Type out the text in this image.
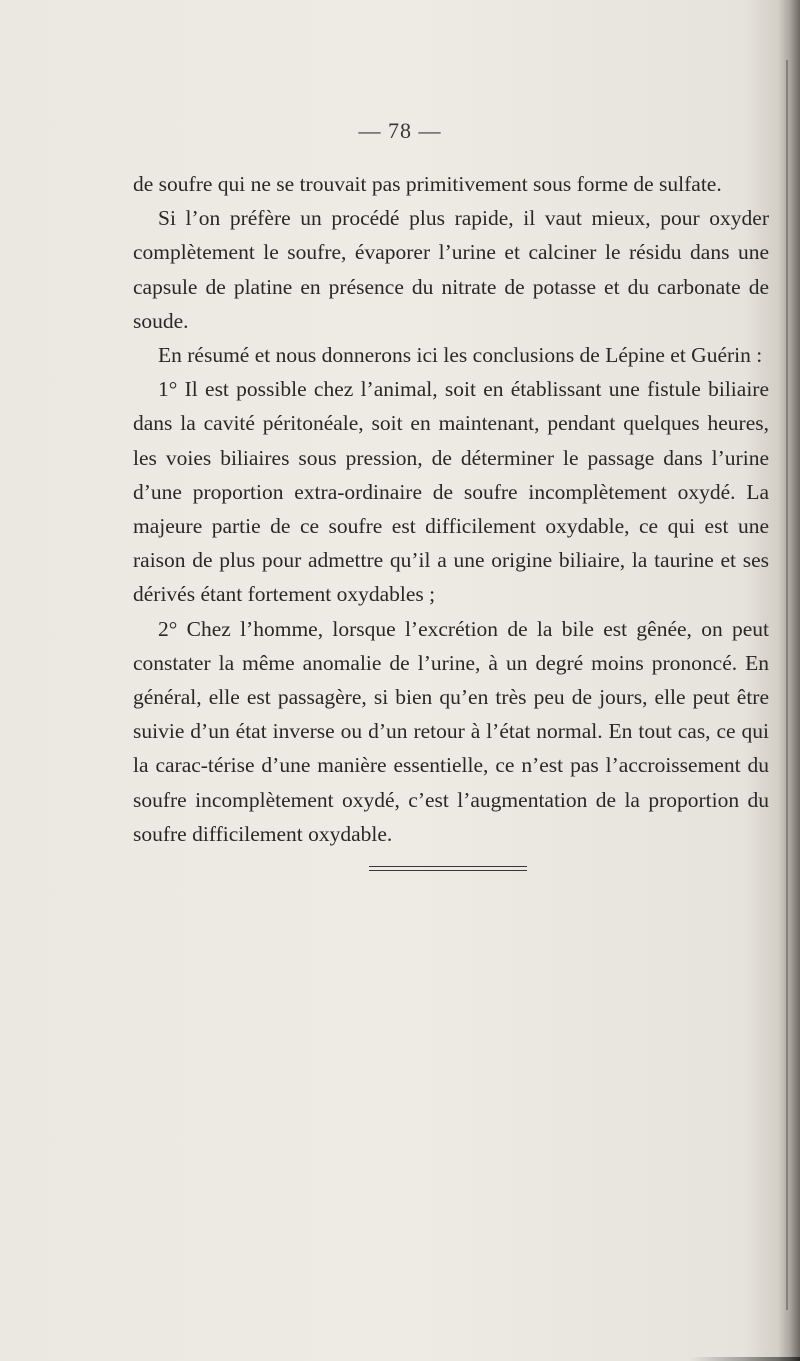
— 78 —

de soufre qui ne se trouvait pas primitivement sous forme de sulfate.

Si l’on préfère un procédé plus rapide, il vaut mieux, pour oxyder complètement le soufre, évaporer l’urine et calciner le résidu dans une capsule de platine en présence du nitrate de potasse et du carbonate de soude.

En résumé et nous donnerons ici les conclusions de Lépine et Guérin :

1° Il est possible chez l’animal, soit en établissant une fistule biliaire dans la cavité péritonéale, soit en maintenant, pendant quelques heures, les voies biliaires sous pression, de déterminer le passage dans l’urine d’une proportion extra-ordinaire de soufre incomplètement oxydé. La majeure partie de ce soufre est difficilement oxydable, ce qui est une raison de plus pour admettre qu’il a une origine biliaire, la taurine et ses dérivés étant fortement oxydables ;

2° Chez l’homme, lorsque l’excrétion de la bile est gênée, on peut constater la même anomalie de l’urine, à un degré moins prononcé. En général, elle est passagère, si bien qu’en très peu de jours, elle peut être suivie d’un état inverse ou d’un retour à l’état normal. En tout cas, ce qui la carac-térise d’une manière essentielle, ce n’est pas l’accroissement du soufre incomplètement oxydé, c’est l’augmentation de la proportion du soufre difficilement oxydable.
